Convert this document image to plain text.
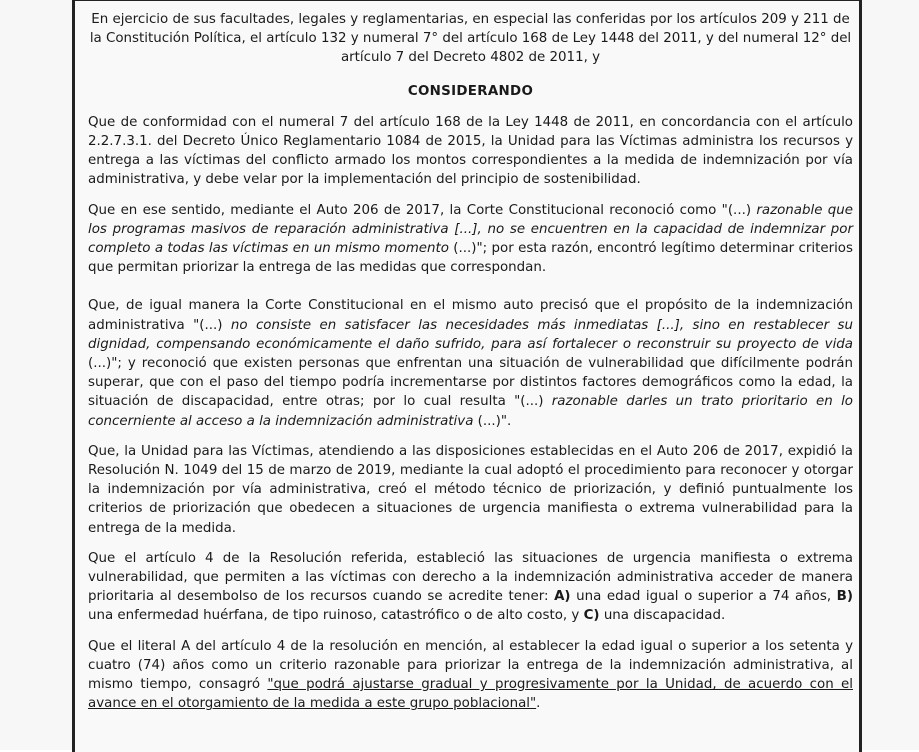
En ejercicio de sus facultades, legales y reglamentarias, en especial las conferidas por los artículos 209 y 211 de la Constitución Política, el artículo 132 y numeral 7° del artículo 168 de Ley 1448 del 2011, y del numeral 12° del artículo 7 del Decreto 4802 de 2011, y

CONSIDERANDO

Que de conformidad con el numeral 7 del artículo 168 de la Ley 1448 de 2011, en concordancia con el artículo 2.2.7.3.1. del Decreto Único Reglamentario 1084 de 2015, la Unidad para las Víctimas administra los recursos y entrega a las víctimas del conflicto armado los montos correspondientes a la medida de indemnización por vía administrativa, y debe velar por la implementación del principio de sostenibilidad.

Que en ese sentido, mediante el Auto 206 de 2017, la Corte Constitucional reconoció como "(...) razonable que los programas masivos de reparación administrativa [...], no se encuentren en la capacidad de indemnizar por completo a todas las víctimas en un mismo momento (...)"; por esta razón, encontró legítimo determinar criterios que permitan priorizar la entrega de las medidas que correspondan.

Que, de igual manera la Corte Constitucional en el mismo auto precisó que el propósito de la indemnización administrativa "(...) no consiste en satisfacer las necesidades más inmediatas [...], sino en restablecer su dignidad, compensando económicamente el daño sufrido, para así fortalecer o reconstruir su proyecto de vida (...)"; y reconoció que existen personas que enfrentan una situación de vulnerabilidad que difícilmente podrán superar, que con el paso del tiempo podría incrementarse por distintos factores demográficos como la edad, la situación de discapacidad, entre otras; por lo cual resulta "(...) razonable darles un trato prioritario en lo concerniente al acceso a la indemnización administrativa (...)".

Que, la Unidad para las Víctimas, atendiendo a las disposiciones establecidas en el Auto 206 de 2017, expidió la Resolución N. 1049 del 15 de marzo de 2019, mediante la cual adoptó el procedimiento para reconocer y otorgar la indemnización por vía administrativa, creó el método técnico de priorización, y definió puntualmente los criterios de priorización que obedecen a situaciones de urgencia manifiesta o extrema vulnerabilidad para la entrega de la medida.

Que el artículo 4 de la Resolución referida, estableció las situaciones de urgencia manifiesta o extrema vulnerabilidad, que permiten a las víctimas con derecho a la indemnización administrativa acceder de manera prioritaria al desembolso de los recursos cuando se acredite tener: A) una edad igual o superior a 74 años, B) una enfermedad huérfana, de tipo ruinoso, catastrófico o de alto costo, y C) una discapacidad.

Que el literal A del artículo 4 de la resolución en mención, al establecer la edad igual o superior a los setenta y cuatro (74) años como un criterio razonable para priorizar la entrega de la indemnización administrativa, al mismo tiempo, consagró "que podrá ajustarse gradual y progresivamente por la Unidad, de acuerdo con el avance en el otorgamiento de la medida a este grupo poblacional".
